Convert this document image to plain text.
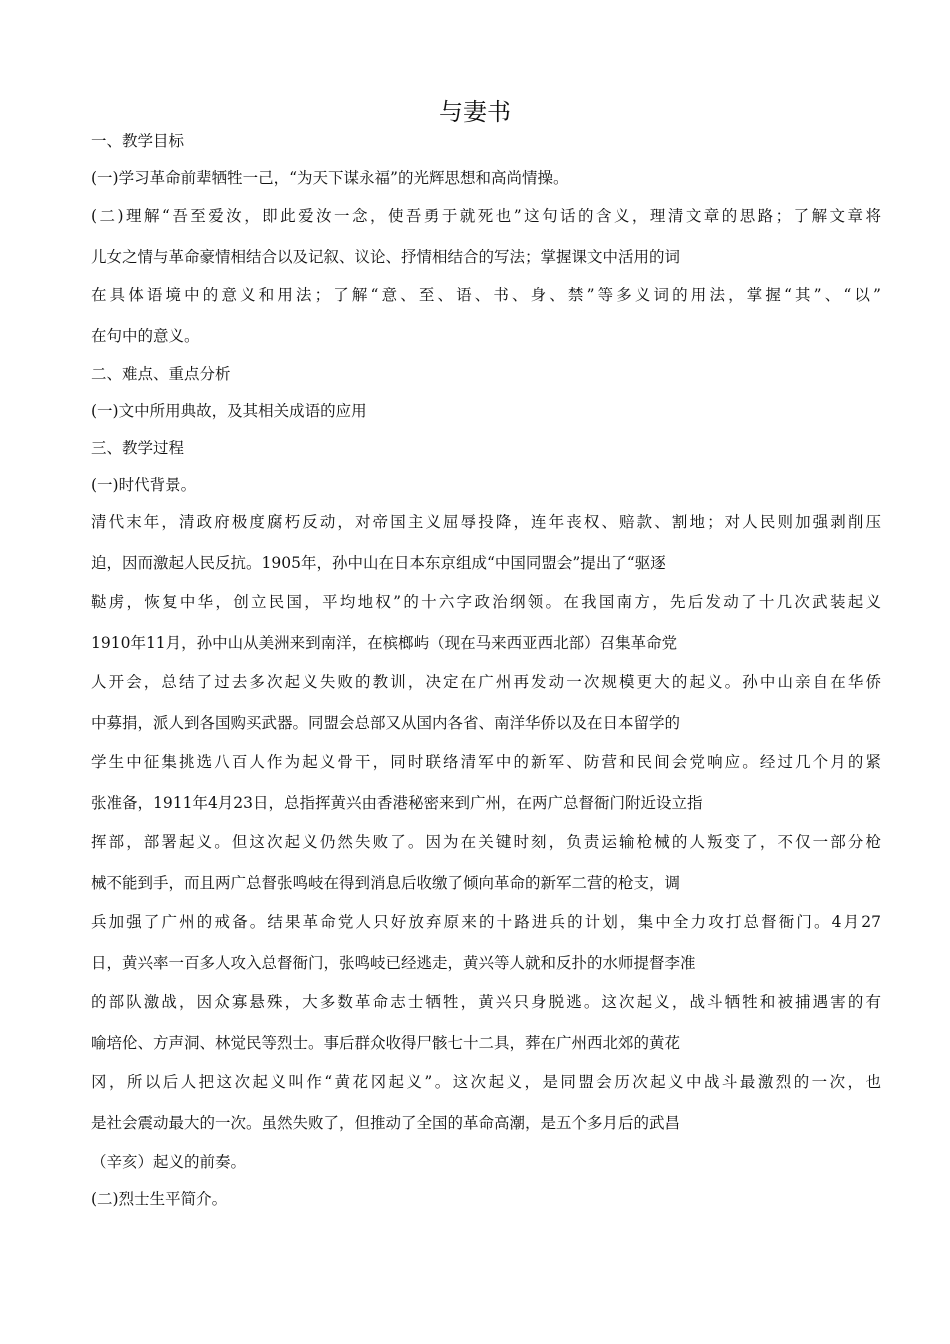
与妻书
一、教学目标
(一)学习革命前辈牺牲一己，“为天下谋永福”的光辉思想和高尚情操。
(二)理解“吾至爱汝，即此爱汝一念，使吾勇于就死也”这句话的含义，理清文章的思路；了解文章将
儿女之情与革命豪情相结合以及记叙、议论、抒情相结合的写法；掌握课文中活用的词
在具体语境中的意义和用法；了解“意、至、语、书、身、禁”等多义词的用法，掌握“其”、“以”
在句中的意义。
二、难点、重点分析
(一)文中所用典故，及其相关成语的应用
三、教学过程
(一)时代背景。
清代末年，清政府极度腐朽反动，对帝国主义屈辱投降，连年丧权、赔款、割地；对人民则加强剥削压
迫，因而激起人民反抗。1905年，孙中山在日本东京组成“中国同盟会”提出了“驱逐
鞑虏，恢复中华，创立民国，平均地权”的十六字政治纲领。在我国南方，先后发动了十几次武装起义
1910年11月，孙中山从美洲来到南洋，在槟榔屿（现在马来西亚西北部）召集革命党
人开会，总结了过去多次起义失败的教训，决定在广州再发动一次规模更大的起义。孙中山亲自在华侨
中募捐，派人到各国购买武器。同盟会总部又从国内各省、南洋华侨以及在日本留学的
学生中征集挑选八百人作为起义骨干，同时联络清军中的新军、防营和民间会党响应。经过几个月的紧
张准备，1911年4月23日，总指挥黄兴由香港秘密来到广州，在两广总督衙门附近设立指
挥部，部署起义。但这次起义仍然失败了。因为在关键时刻，负责运输枪械的人叛变了，不仅一部分枪
械不能到手，而且两广总督张鸣岐在得到消息后收缴了倾向革命的新军二营的枪支，调
兵加强了广州的戒备。结果革命党人只好放弃原来的十路进兵的计划，集中全力攻打总督衙门。4月27
日，黄兴率一百多人攻入总督衙门，张鸣岐已经逃走，黄兴等人就和反扑的水师提督李准
的部队激战，因众寡悬殊，大多数革命志士牺牲，黄兴只身脱逃。这次起义，战斗牺牲和被捕遇害的有
喻培伦、方声洞、林觉民等烈士。事后群众收得尸骸七十二具，葬在广州西北郊的黄花
冈，所以后人把这次起义叫作“黄花冈起义”。这次起义，是同盟会历次起义中战斗最激烈的一次，也
是社会震动最大的一次。虽然失败了，但推动了全国的革命高潮，是五个多月后的武昌
（辛亥）起义的前奏。
(二)烈士生平简介。
